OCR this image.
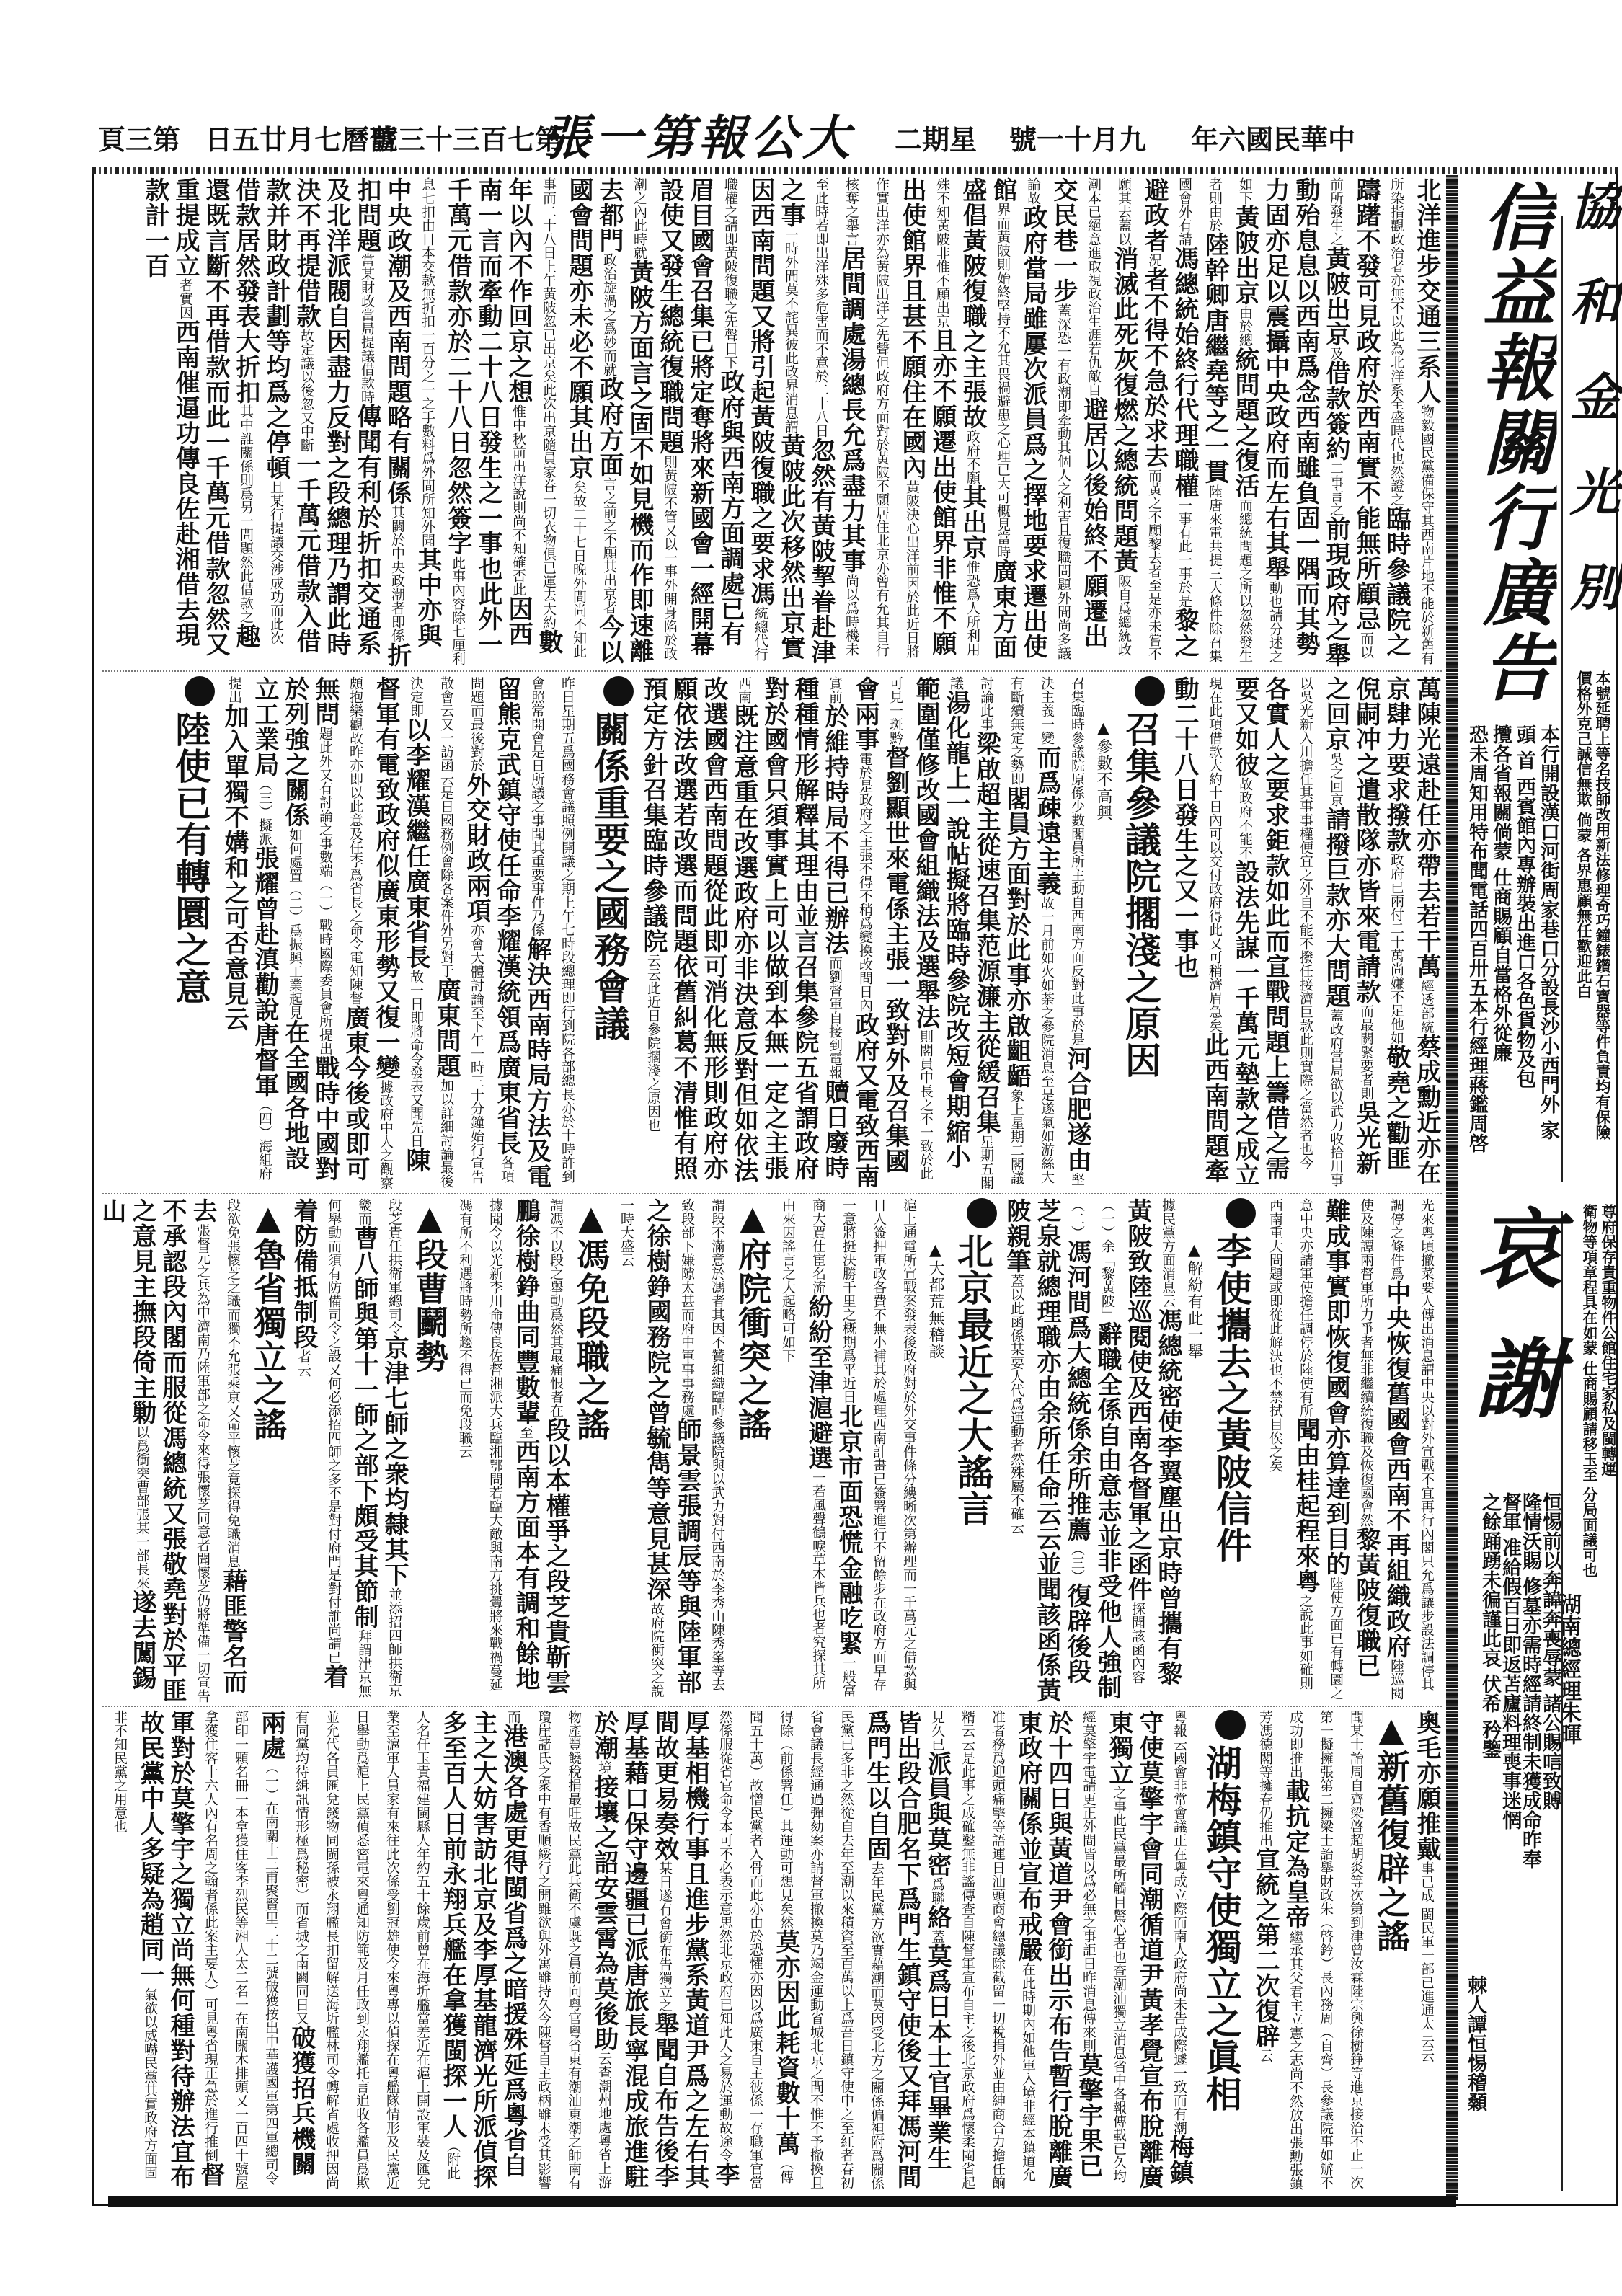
中華民國六年
九月十一號
星期二
大公報第一張
第七百三十三號
舊曆七月廿五日
第三頁
北洋進步交通三系人物毅國民黨備保守其西南片地不能於新舊有所染指觀政治者亦無不以此為北洋系全盛時代也然證之臨時參議院之躊躇不發可見政府於西南實不能無所顧忌而以前所發生之黃陂出京及借款簽約二事言之前現政府之舉動殆息息以西南爲念西南雖負固一隅而其勢力固亦足以震攝中央政府而左右其舉動也請分述之如下黃陂出京由於總統問題之復活而總統問題之所以忽然發生者則由於陸幹卿唐繼堯等之一貫陸唐來電共提三大條件除召集國會外有請馮總統始終行代理職權一事有此一事於是黎之避政者況者不得不急於求去而黃之不願黎去者至是亦未嘗不願其去蓋以消滅此死灰復燃之總統問題黃陂自爲總統政潮本已絕意進取視政治生涯若仇敵自避居以後始終不願遷出交民巷一步蓋深恐一有政潮即牽動其個人之利害且復職問題外間尚多議論故政府當局雖屢次派員爲之擇地要求遷出使館界而黃陂則始終堅持不允其畏禍避患之心理已大可概見當時廣東方面盛倡黃陂復職之主張故政府不願其出京惟恐爲人所利用殊不知黃陂非惟不願出京且亦不願遷出使館界非惟不願出使館界且甚不願住在國內黃陂決心出洋前因於此近日將作實出洋亦為黃陂出洋之先聲但政府方面對於黃陂不願居住北京亦曾有允其自行核奪之舉言居間調處湯總長允爲盡力其事尚以爲時機未至此時若即出洋殊多危害而不意於二十八日忽然有黃陂挈眷赴津之事一時外間莫不詫異彼此政界消息謂黃陂此次移然出京實因西南問題又將引起黃陂復職之要求馮統總代行職權之請即黃陂復職之先聲目下政府與西南方面調處已有眉目國會召集已將定奪將來新國會一經開幕設使又發生總統復職問題則黃陂不管又以一事外開身陷於政潮之內此時就黃陂方面言之固不如見機而作即速離去都門政治旋渦之爲妙而就政府方面言之前之不願其出京者今以國會問題亦未必不願其出京矣故二十七日晚外間尚不知此事而二十八日上午黃陂忽已出京矣此次出京隨員家眷一切衣物俱已運去大約數年以內不作回京之想惟中秋前出洋說則尚不知確否此因西南一言而牽動二十八日發生之一事也此外一千萬元借款亦於二十八日忽然簽字此事內容除七厘利息七扣由日本交款無折扣一百分之一之手數料爲外間所知外聞其中亦與中央政潮及西南問題略有關係其關於中央政潮者即係折扣問題當某財政當局提議借款時傳聞有利於折扣交通系及北洋派閥自因盡力反對之段總理乃謂此時決不再提借款故定議以後忽又中斷一千萬元借款入借款并財政計劃等均爲之停頓且某行提議交涉成功而此次借款居然發表大折扣其中誰關係則爲另一問題然此借款之趣還既言斷不再借款而此一千萬元借款忽然又重提成立者實因西南催逼功傳良佐赴湘借去現款計一百
萬陳光遠赴任亦帶去若干萬經透部統蔡成勳近亦在京肆力要求撥款政府已兩付二十萬尚嫌不足他如敬堯之勸匪倪嗣冲之遣散隊亦皆來電請款而最關緊要者則吳光新之回京吳之回京請撥巨款亦大問題蓋政府當局欲以武力收拾川事以吳光新入川擔任其事事權便宜之外自不能不撥任接濟巨款此則實際之當然者也今各實人之要求鉅款如此而宣戰問題上籌借之需要又如彼故政府不能不設法先謀一千萬元墊款之成立現在此項借款大約十日內可以交付政府得此又可稍濟眉急矣此西南問題牽動二十八日發生之又一事也
召集參議院擱淺之原因
▲參數不高興
召集臨時參議院原係少數閣員所主動自西南方面反對此事於是河合肥遂由堅決主義一變而爲疎遠主義故一月前如火如荼之參院消息至是遂氣如游絲大有斷續無定之勢即閣員方面對於此事亦啟齟齬象上星期二閣議討論此事梁啟超主從速召集范源濂主從緩召集星期五閣議湯化龍上一說帖擬將臨時參院改短會期縮小範圍僅修改國會組織法及選舉法則閣員中長之不一致於此可見一斑黔督劉顯世來電係主張一致對外及召集國會兩事電於是政府之主張不得不稍爲變換改問日內政府又電致西南實前於維持時局不得已辦法而劉督軍自接到電報贖日廢時種種情形解釋其理由並言召集參院五省謂政府對於國會只須事實上可以做到本無一定之主張西南既注意重在改選政府亦非決意反對但如依法改選國會西南問題從此即可消化無形則政府亦願依法改選若改選而問題依舊糾葛不清惟有照預定方針召集臨時參議院云云此近日參院擱淺之原因也
關係重要之國務會議
昨日星期五爲國務會議照例開議之期上午七時段總理即行到院各部總長亦於十時許到會照常開會是日所議之事聞其重要事件乃係解決西南時局方法及電留熊克武鎮守使任命李耀漢統領爲廣東省長各項問題而最後對於外交財政兩項亦會大體討論至下午一時三十分鐘始行宣告散會云又一訪函云是日國務例會除各案件外另對于廣東問題加以詳細討論最後決定即以李耀漢繼任廣東省長故一日即將命令發表又聞先日陳督軍有電致政府似廣東形勢又復一變據政府中人之觀察頗抱樂觀故昨亦即以此意及任李爲省長之命令電知陳督廣東今後或即可無問題此外又有討論之事數端（一）戰時國際委員會所提出戰時中國對於列強之關係如何處置（二）爲振興工業起見在全國各地設立工業局（三）擬派張耀曾赴滇勸說唐督軍（四）海組府提出加入單獨不媾和之可否意見云
陸使已有轉圜之意
光來粵頃撤菜要人傳出消息謂中央以對外宣戰不宜再行內閣只允爲讓步設法調停其調停之條件爲中央恢復舊國會西南不再組織政府陸巡閱使及陳譚兩督軍所力爭者無非繼續統復職及恢復國會然黎黃陂復職已難成事實即恢復國會亦算達到目的陸使方面已有轉圜之意中央亦請軍使擔任調停於陸使有所聞由桂起程來粵之說此事如確則西南重大問題或即從此解決也不禁拭目俟之矣
李使攜去之黃陂信件
▲解紛有此一舉
據民黨方面消息云馮總統密使李翼塵出京時曾攜有黎黃陂致陸巡閱使及西南各督軍之函件探聞該函內容（一）余「黎黃陂」辭職全係自由意志並非受他人強制（二）馮河間爲大總統係余所推薦（三）復辟後段芝泉就總理職亦由余所任命云云並聞該函係黃陂親筆蓋以此函係某要人代爲運動者然殊屬不確云
北京最近之大謠言
▲大都荒無稽談
滬上通電所宣戰案發表後政府對於外交事件條分縷晰次第辦理而一千萬元之借款與日人簽押軍政各費不無小補其於處理西南計畫已簽署進行不留餘步在政府方面早存一意將挺決勝千里之概期爲平近日北京市面恐慌金融吃緊一般富商大賈仕宦名流紛紛至津滬避選一若風聲鶴唳草木皆兵也者究探其所由來因謠言之大起略可如下
▲府院衝突之謠
謂段不滿意於馮者其因不贊組織臨時參議院與以武力對付西南於李秀山陳秀峯等去致段部下嫌隙太甚而府中軍事事務處師景雲張調辰等與陸軍部之徐樹錚國務院之曾毓雋等意見甚深故府院衝突之說一時大盛云
▲馮免段職之謠
謂馮不以段之舉動爲然其最痛恨者在段以本權爭之段芝貴靳雲鵬徐樹錚曲同豐數輩至西南方面本有調和餘地據聞令以光新李川命傳良佐督湘派大兵臨湘鄂問若臨大敵與南方挑釁將來戰禍蔓延馮有所不利遇將時勢所趨不得已而免段職云
▲段曹鬬勢
段芝貴任拱衛軍總司令京津七師之衆均隸其下並添招四師拱衛京畿而曹八師與第十一師之部下頗受其節制拜謂津京無何舉動而須有防備司令之設又何必添招四師之多不是對付府門是對付誰尚謂已着着防備抵制段者云
▲魯省獨立之謠
段欲免張懷芝之職而獨不允張乘京又命平懷芝竟探得免職消息藉匪警名而去張督元之兵為中濟南乃陸軍部之命令來得張懷芝同意者聞懷芝仍將準備一切宣告不承認段內閣而服從馮總統又張敬堯對於平匪之意見主撫段倚主勦以爲衝突曹部張某一部長來遂去闖錫山
奧毛亦願推戴事已成 閩民軍一部已進通太 云云
▲新舊復辟之謠
聞某士詒周自齊梁啓超胡炎等次第到津曾汝霖陸宗興徐樹錚等進京接洽不止一次第一擬擁張第二擁梁士詒舉財政朱（啓鈐）長內務周（自齊）長參議院事如辦不成功即推出載抗定為皇帝繼承其父君主立憲之志尚不然放出張勳張鎮芳馮德閣等擁春仍推出宣統之第二次復辟云
湖梅鎮守使獨立之眞相
粵報云國會非常會議正在粵成立際而南人政府尚未告成際遽一致而有潮梅鎮守使莫擎宇會同潮循道尹黃孝覺宣布脫離廣東獨立之事此民黨最所觸目驚心者也查潮汕獨立消息省中各報傳載已久均經莫擎宇電請更正外間皆以爲必無之事詎日昨消息傳來則莫擎宇果已於十四日與黃道尹會銜出示布告暫行脫離廣東政府關係並宣布戒嚴在此時期內如他軍入境非經本鎮道允准者務爲迎頭痛擊等語連日汕頭商會總議除截留一切稅捐外並由紳商合力擔任餉糈云云是此事之成確鑿無非謠傳查自陳督軍宣布自主之後北京政府爲懷柔閩省起見久已派員與莫密爲聯絡蓋莫爲日本士官畢業生皆出段合肥名下爲門生鎮守使後又拜馮河間爲門生以自固去年民黨方欲實藉潮而莫因受北方之關係偏袒附爲關係民黨已多非之然從自去年至潮以來積資至百萬以上爲吾日鎮守使中之至紅者春初省會議長經通過彈劾案亦請督軍撤換莫乃竭金運動省城北京之間不惟不予撤換且得除（前係署任）其運動可想見矣然莫亦因此耗資數十萬（傳聞五十萬）故憎民黨者入骨而此亦由於恐懼亦因以爲廣東自主彼係一存職軍官當然係服從省官命令本可不必表示意思然北京政府已知此人之易於運動故途令李厚基相機行事且進步黨系黃道尹爲之左右其間故更易奏效某日遂有會銜布告獨立之舉聞自布告後李厚基藉口保守邊疆已派唐旅長寧混成旅進駐於潮境接壤之詔安雲霄為莫後助云查潮州地處粵省上游物產豐饒稅捐最旺故民黨此兵衛不虞既之員前向粵官粵省東有潮汕東潮之師南有瓊崖諸氏之衆中有香順綏行之開雖欲與外寓雖持久今陳督自主政柄雖未受其影響而港澳各處更得閩省爲之暗援殊延爲粵省自主之大妨害訪北京及李厚基龍濟光所派偵探多至百人日前永翔兵艦在拿獲閩探一人（附此人名仟玉貴福建閩縣人年約五十餘歲前曾在海圻艦當差近在滬上開設軍裝及匯兌業至滬軍人員家有來往此次係受劉冠雄使令來粵專以偵探在粵艦隊情形及民黨近日舉動爲滬上民黨偵悉密電來粵通知防範及月任政到永翔艦托言追收各艦員爲欺並允代各員匯兌錢物同閩孫被永翔艦長扣留解送海圻艦林司令轉解省處收押因尚有同黨均待緝訊情形極爲秘密）而省城之南關同日又破獲招兵機關兩處（一）在南關十三甫聚賢里二十二號破獲按出中華護國軍第四軍總司令部印一顆名冊一本拿獲住客李烈民等湘人太二名一在南關木排頭又一百四十號屋拿獲住客十六人內有名周之翰者係此案主要人）可見粵省現正急於進行推倒督軍對於莫擎宇之獨立尚無何種對待辦法宜布故民黨中人多疑為趙同一氣欲以威嚇民黨其實政府方面固非不知民黨之用意也
協和金光別
本號延聘上等名技師改用新法修理奇巧鐘錶鑽石寶器等件負責均有保險
價格外克己誠信無欺 倘蒙 各界惠顧無任歡迎此白
尊府保存貴重物件公館住宅家私及閩轉運
衛物等項章程具在如蒙 仕商賜顧請移玉至 分局面議可也
湖南總經理朱暉
信益報關行廣告
本行開設漢口河街周家巷口分設長沙小西門外 家
頭 首 西賓館內專辦裝出進口各色貨物及包
攬各省報關倘蒙 仕商賜顧自當格外從廉
恐未周知用特布聞電話四百卅五本行經理蔣鑑周啓
哀謝
恒惕前以奔諱奔喪辱蒙 諸公賜唁致賻
隆情沃賜 修墓亦需時經請終制未獲成命昨奉
督軍 准給假百日即返苫廬料理喪事迷惘
之餘踊踴未徧謹此哀 伏希 矜鑒
棘人譚恒惕稽顙
